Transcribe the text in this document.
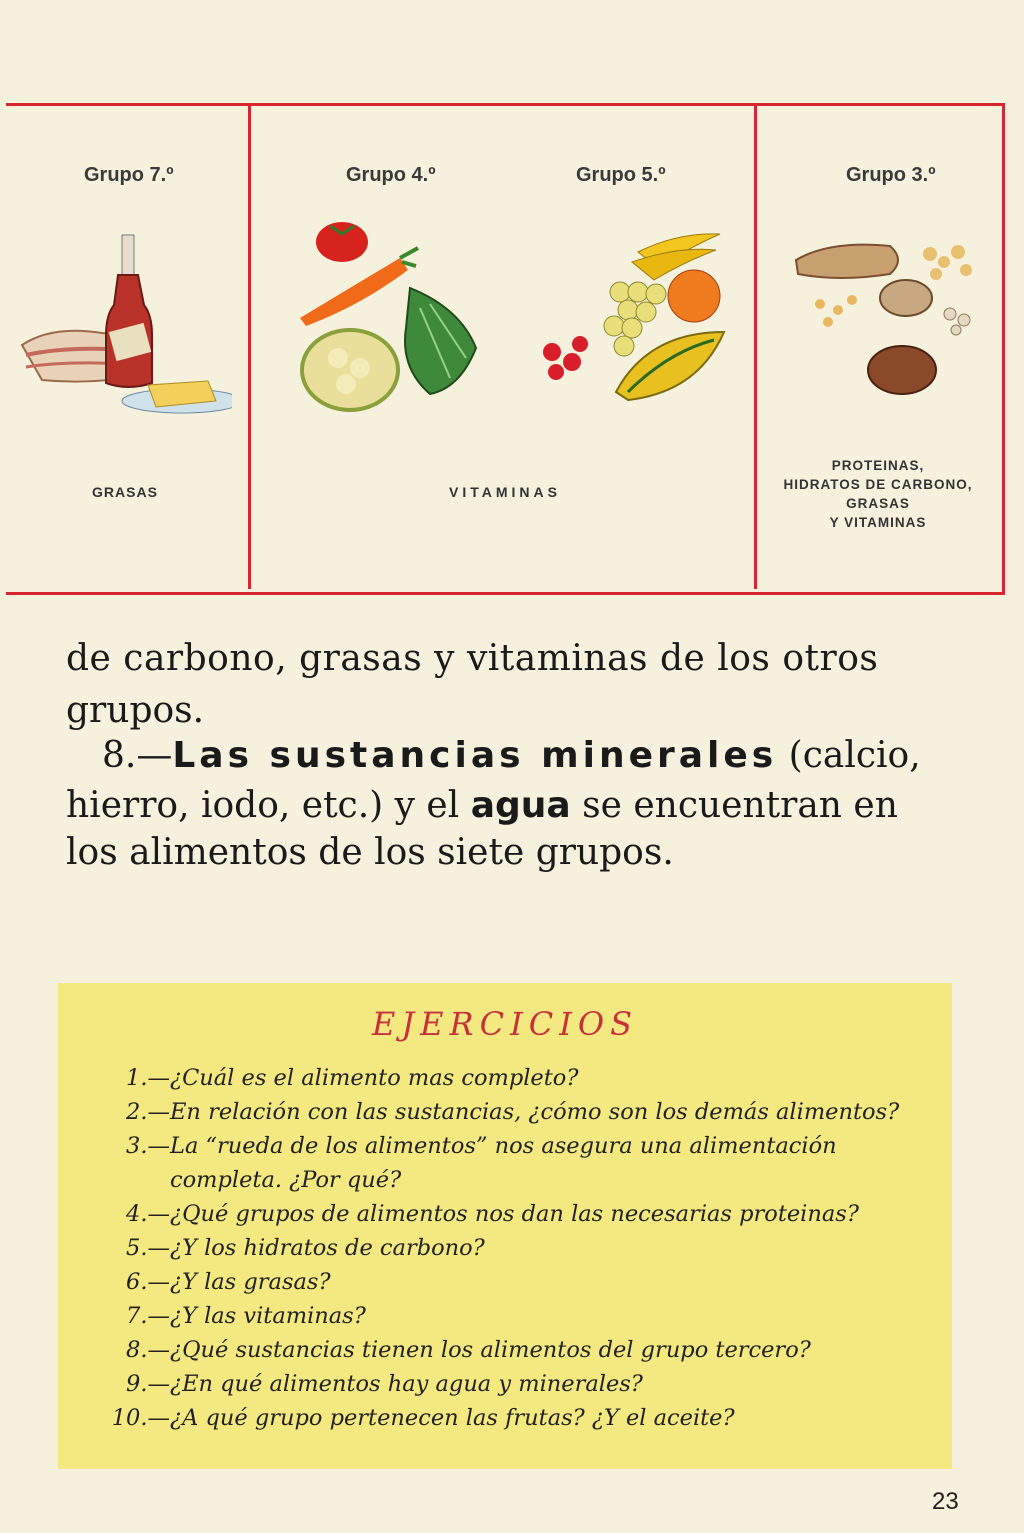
Grupo 7.º	Grupo 4.º	Grupo 5.º	Grupo 3.º
GRASAS	VITAMINAS
PROTEINAS,
HIDRATOS DE CARBONO,
GRASAS
Y VITAMINAS
de carbono, grasas y vitaminas de los otros
grupos.
8.—Las sustancias minerales (calcio,
hierro, iodo, etc.) y el agua se encuentran en
los alimentos de los siete grupos.
EJERCICIOS
1.— ¿Cuál es el alimento mas completo?
2.— En relación con las sustancias, ¿cómo son los demás alimentos?
3.— La “rueda de los alimentos” nos asegura una alimentación completa. ¿Por qué?
4.— ¿Qué grupos de alimentos nos dan las necesarias proteinas?
5.— ¿Y los hidratos de carbono?
6.— ¿Y las grasas?
7.— ¿Y las vitaminas?
8.— ¿Qué sustancias tienen los alimentos del grupo tercero?
9.— ¿En qué alimentos hay agua y minerales?
10.— ¿A qué grupo pertenecen las frutas? ¿Y el aceite?
23
